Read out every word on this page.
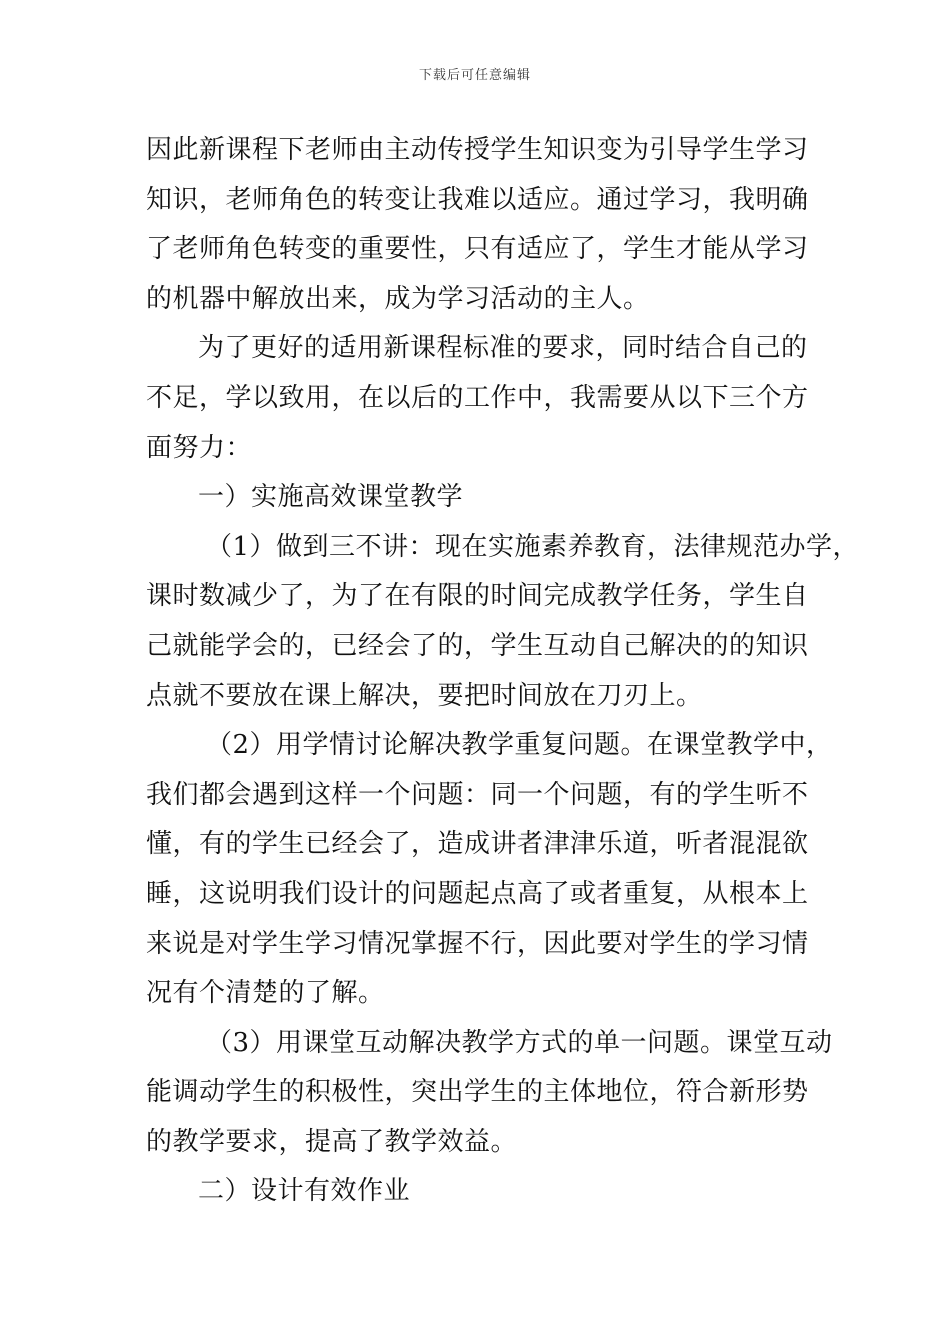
下载后可任意编辑
因此新课程下老师由主动传授学生知识变为引导学生学习
知识，老师角色的转变让我难以适应。通过学习，我明确
了老师角色转变的重要性，只有适应了，学生才能从学习
的机器中解放出来，成为学习活动的主人。
为了更好的适用新课程标准的要求，同时结合自己的
不足，学以致用，在以后的工作中，我需要从以下三个方
面努力：
一）实施高效课堂教学
（1）做到三不讲：现在实施素养教育，法律规范办学，
课时数减少了，为了在有限的时间完成教学任务，学生自
己就能学会的，已经会了的，学生互动自己解决的的知识
点就不要放在课上解决，要把时间放在刀刃上。
（2）用学情讨论解决教学重复问题。在课堂教学中，
我们都会遇到这样一个问题：同一个问题，有的学生听不
懂，有的学生已经会了，造成讲者津津乐道，听者混混欲
睡，这说明我们设计的问题起点高了或者重复，从根本上
来说是对学生学习情况掌握不行，因此要对学生的学习情
况有个清楚的了解。
（3）用课堂互动解决教学方式的单一问题。课堂互动
能调动学生的积极性，突出学生的主体地位，符合新形势
的教学要求，提高了教学效益。
二）设计有效作业
